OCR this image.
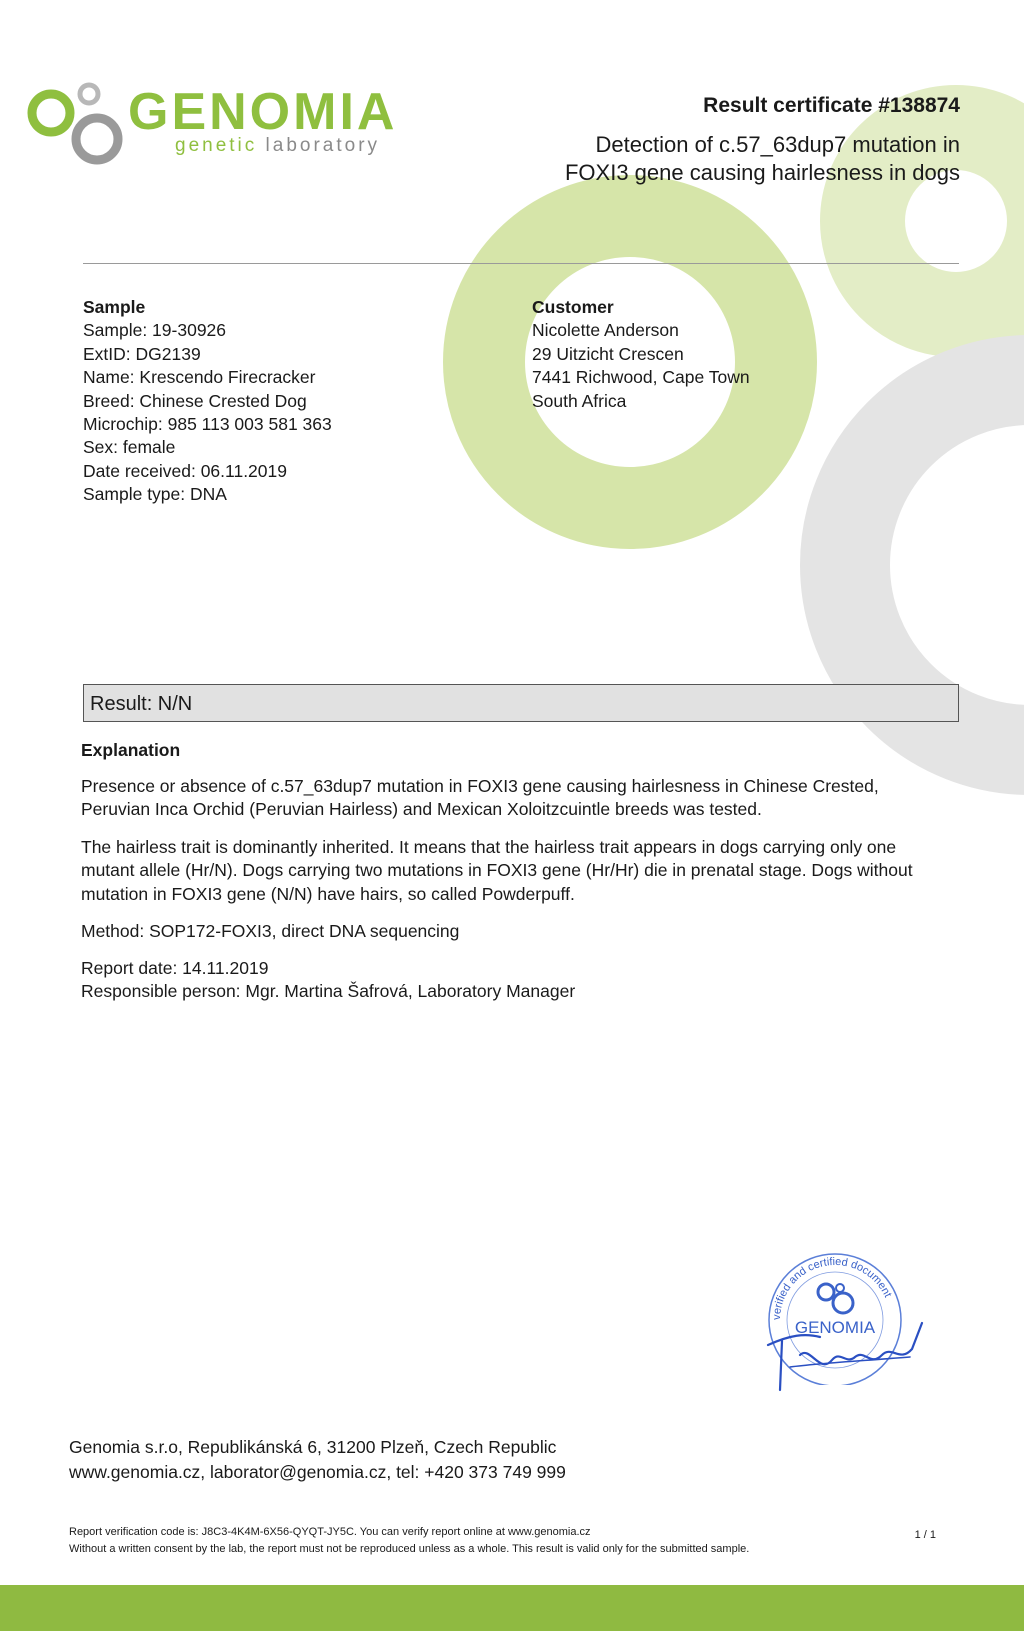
GENOMIA
genetic laboratory
Result certificate #138874
Detection of c.57_63dup7 mutation in
FOXI3 gene causing hairlesness in dogs
Sample
Sample: 19-30926
ExtID: DG2139
Name: Krescendo Firecracker
Breed: Chinese Crested Dog
Microchip: 985 113 003 581 363
Sex: female
Date received: 06.11.2019
Sample type: DNA
Customer
Nicolette Anderson
29 Uitzicht Crescen
7441 Richwood, Cape Town
South Africa
Result: N/N
Explanation
Presence or absence of c.57_63dup7 mutation in FOXI3 gene causing hairlesness in Chinese Crested,
Peruvian Inca Orchid (Peruvian Hairless) and Mexican Xoloitzcuintle breeds was tested.
The hairless trait is dominantly inherited. It means that the hairless trait appears in dogs carrying only one
mutant allele (Hr/N). Dogs carrying two mutations in FOXI3 gene (Hr/Hr) die in prenatal stage. Dogs without
mutation in FOXI3 gene (N/N) have hairs, so called Powderpuff.
Method: SOP172-FOXI3, direct DNA sequencing
Report date: 14.11.2019
Responsible person: Mgr. Martina Šafrová, Laboratory Manager
verified and certified document
GENOMIA
Genomia s.r.o, Republikánská 6, 31200 Plzeň, Czech Republic
www.genomia.cz, laborator@genomia.cz, tel: +420 373 749 999
Report verification code is: J8C3-4K4M-6X56-QYQT-JY5C. You can verify report online at www.genomia.cz
Without a written consent by the lab, the report must not be reproduced unless as a whole. This result is valid only for the submitted sample.
1 / 1
